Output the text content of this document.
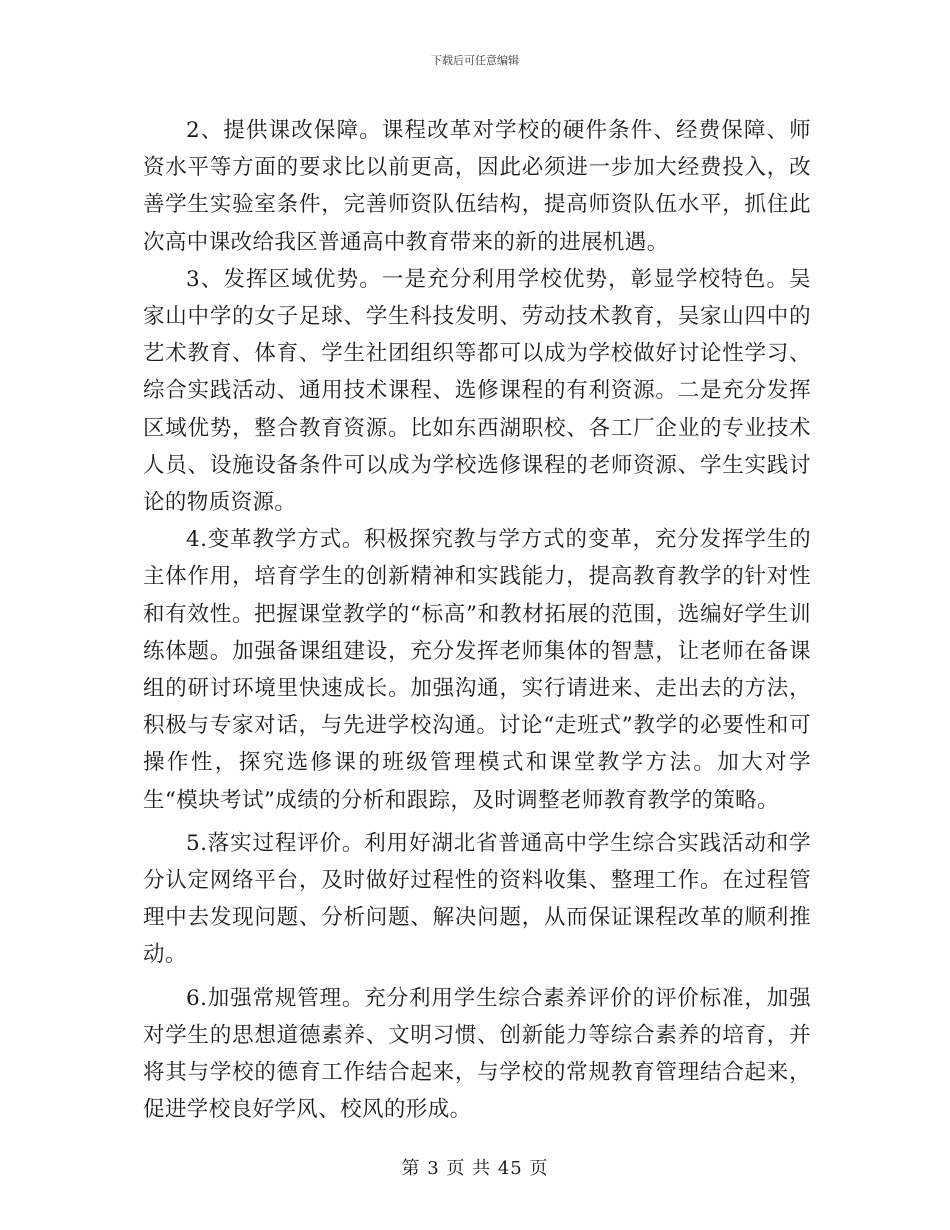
下载后可任意编辑

2、提供课改保障。课程改革对学校的硬件条件、经费保障、师资水平等方面的要求比以前更高，因此必须进一步加大经费投入，改善学生实验室条件，完善师资队伍结构，提高师资队伍水平，抓住此次高中课改给我区普通高中教育带来的新的进展机遇。

3、发挥区域优势。一是充分利用学校优势，彰显学校特色。吴家山中学的女子足球、学生科技发明、劳动技术教育，吴家山四中的艺术教育、体育、学生社团组织等都可以成为学校做好讨论性学习、综合实践活动、通用技术课程、选修课程的有利资源。二是充分发挥区域优势，整合教育资源。比如东西湖职校、各工厂企业的专业技术人员、设施设备条件可以成为学校选修课程的老师资源、学生实践讨论的物质资源。

4.变革教学方式。积极探究教与学方式的变革，充分发挥学生的主体作用，培育学生的创新精神和实践能力，提高教育教学的针对性和有效性。把握课堂教学的“标高”和教材拓展的范围，选编好学生训练体题。加强备课组建设，充分发挥老师集体的智慧，让老师在备课组的研讨环境里快速成长。加强沟通，实行请进来、走出去的方法，积极与专家对话，与先进学校沟通。讨论“走班式”教学的必要性和可操作性，探究选修课的班级管理模式和课堂教学方法。加大对学生“模块考试”成绩的分析和跟踪，及时调整老师教育教学的策略。

5.落实过程评价。利用好湖北省普通高中学生综合实践活动和学分认定网络平台，及时做好过程性的资料收集、整理工作。在过程管理中去发现问题、分析问题、解决问题，从而保证课程改革的顺利推动。

6.加强常规管理。充分利用学生综合素养评价的评价标准，加强对学生的思想道德素养、文明习惯、创新能力等综合素养的培育，并将其与学校的德育工作结合起来，与学校的常规教育管理结合起来，促进学校良好学风、校风的形成。

第 3 页 共 45 页
